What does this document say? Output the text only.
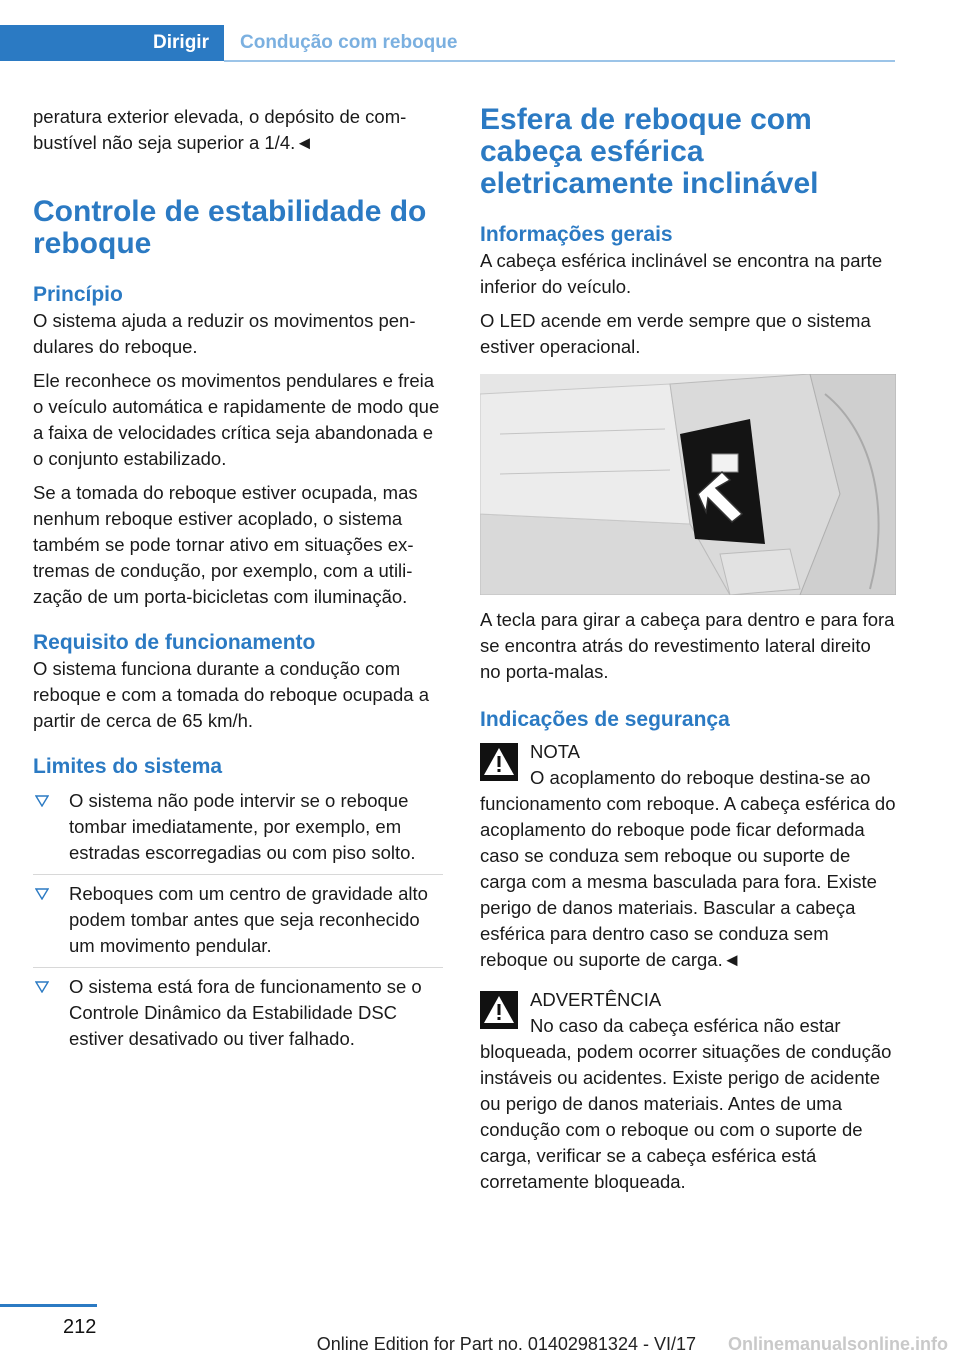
Dirigir	Condução com reboque

peratura exterior elevada, o depósito de combustível não seja superior a 1/4.◄

Controle de estabilidade do reboque
Princípio

O sistema ajuda a reduzir os movimentos pendulares do reboque.

Ele reconhece os movimentos pendulares e freia o veículo automática e rapidamente de modo que a faixa de velocidades crítica seja abandonada e o conjunto estabilizado.

Se a tomada do reboque estiver ocupada, mas nenhum reboque estiver acoplado, o sistema também se pode tornar ativo em situações extremas de condução, por exemplo, com a utilização de um porta-bicicletas com iluminação.

Requisito de funcionamento

O sistema funciona durante a condução com reboque e com a tomada do reboque ocupada a partir de cerca de 65 km/h.

Limites do sistema
O sistema não pode intervir se o reboque tombar imediatamente, por exemplo, em estradas escorregadias ou com piso solto.
Reboques com um centro de gravidade alto podem tombar antes que seja reconhecido um movimento pendular.
O sistema está fora de funcionamento se o Controle Dinâmico da Estabilidade DSC estiver desativado ou tiver falhado.
Esfera de reboque com cabeça esférica eletricamente inclinável
Informações gerais

A cabeça esférica inclinável se encontra na parte inferior do veículo.

O LED acende em verde sempre que o sistema estiver operacional.

A tecla para girar a cabeça para dentro e para fora se encontra atrás do revestimento lateral direito no porta-malas.

Indicações de segurança
NOTA

O acoplamento do reboque destina-se ao funcionamento com reboque. A cabeça esférica do acoplamento do reboque pode ficar deformada caso se conduza sem reboque ou suporte de carga com a mesma basculada para fora. Existe perigo de danos materiais. Bascular a cabeça esférica para dentro caso se conduza sem reboque ou suporte de carga.◄

ADVERTÊNCIA

No caso da cabeça esférica não estar bloqueada, podem ocorrer situações de condução instáveis ou acidentes. Existe perigo de acidente ou perigo de danos materiais. Antes de uma condução com o reboque ou com o suporte de carga, verificar se a cabeça esférica está corretamente bloqueada.

212
Online Edition for Part no. 01402981324 - VI/17 Onlinemanualsonline.info
